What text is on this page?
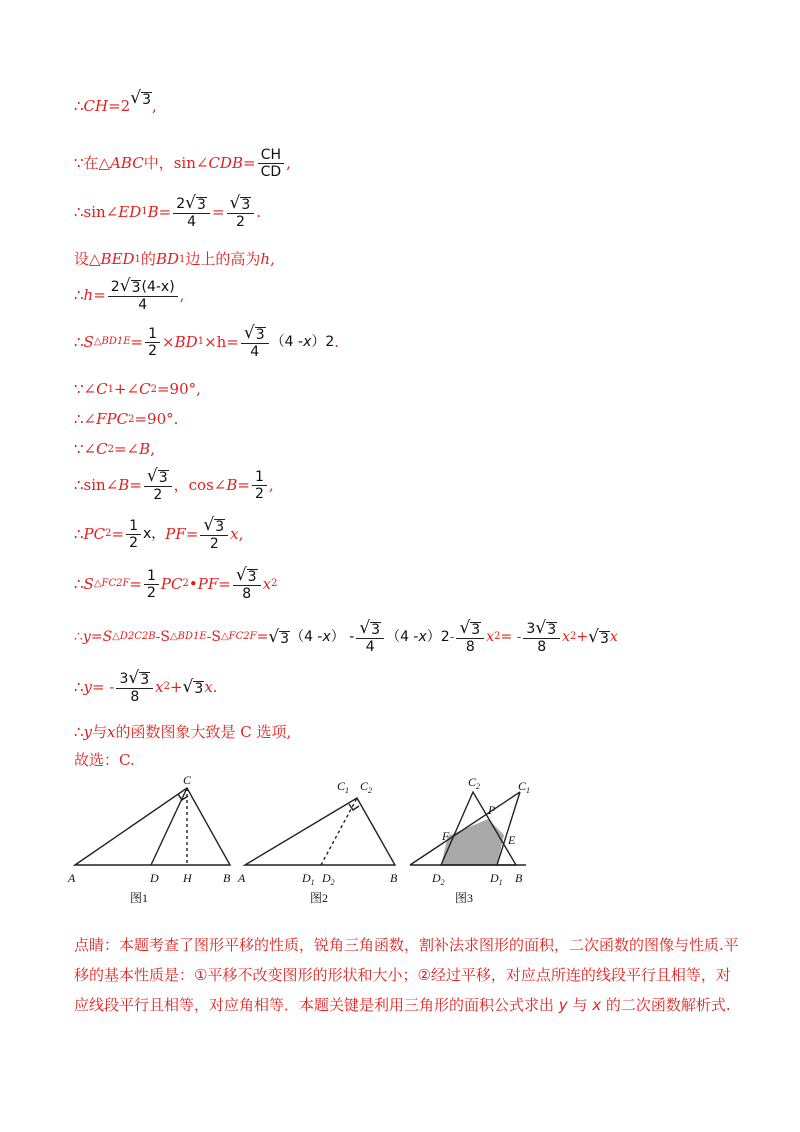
∴ CH =2 √ 3 ,
∵ 在△ ABC 中，sin∠ CDB = $\frac{CH}{CD}$ ,
∴sin∠ ED 1 $B = \frac{2 √ 3}{4} = \frac{√ 3}{2}$ .
设△ BED 1 的 BD 1 边上的高为 h ,
∴ $h = \frac{2 √ 3 (4-x)}{4}$ ,
∴ S △BD1E = $\frac{1}{2}$ × BD $1 \times h= \frac{√ 3}{4} (4 - x$ ） 2 .
∵∠ C 1 +∠ C 2 =90° ,
∴∠ FPC 2 =90° .
∵∠ C 2 =∠ B ,
∴sin∠ $B = \frac{√ 3}{2}$ ，cos∠ $B = \frac{1}{2}$ ,
∴ PC $2 = \frac{1}{2}$ x， PF = $\frac{√ 3}{2}$ x ,
∴ S △FC2F = $\frac{1}{2}$ PC 2 • PF = $\frac{√ 3}{8}$ x 2
∴ y = S △D2C2B - S △BD1E - S △FC2F = √ 3 （4 - x ） - $\frac{√ 3}{4} (4$ - x ） $2 - \frac{√ 3}{8}$ x 2 = - $\frac{3 √ 3}{8}$ x 2 + √ 3 x
∴ y = - $\frac{3 √ 3}{8}$ x 2 + √ 3 x .
∴ y 与 x 的函数图象大致是 C 选项,
故选：C.
A	D H	B
C
图1
A	$D_1$ $D_2$	B
$C_1$ $C_2$
图2
$C_2$	$C_1$
P
F	E
$D_2$	$D_1$ B
图3
点睛：本题考查了图形平移的性质，锐角三角函数，割补法求图形的面积，二次函数的图像与性质.平移的基本性质是：①平移不改变图形的形状和大小；②经过平移，对应点所连的线段平行且相等，对应线段平行且相等，对应角相等．本题关键是利用三角形的面积公式求出 y 与 x 的二次函数解析式.
